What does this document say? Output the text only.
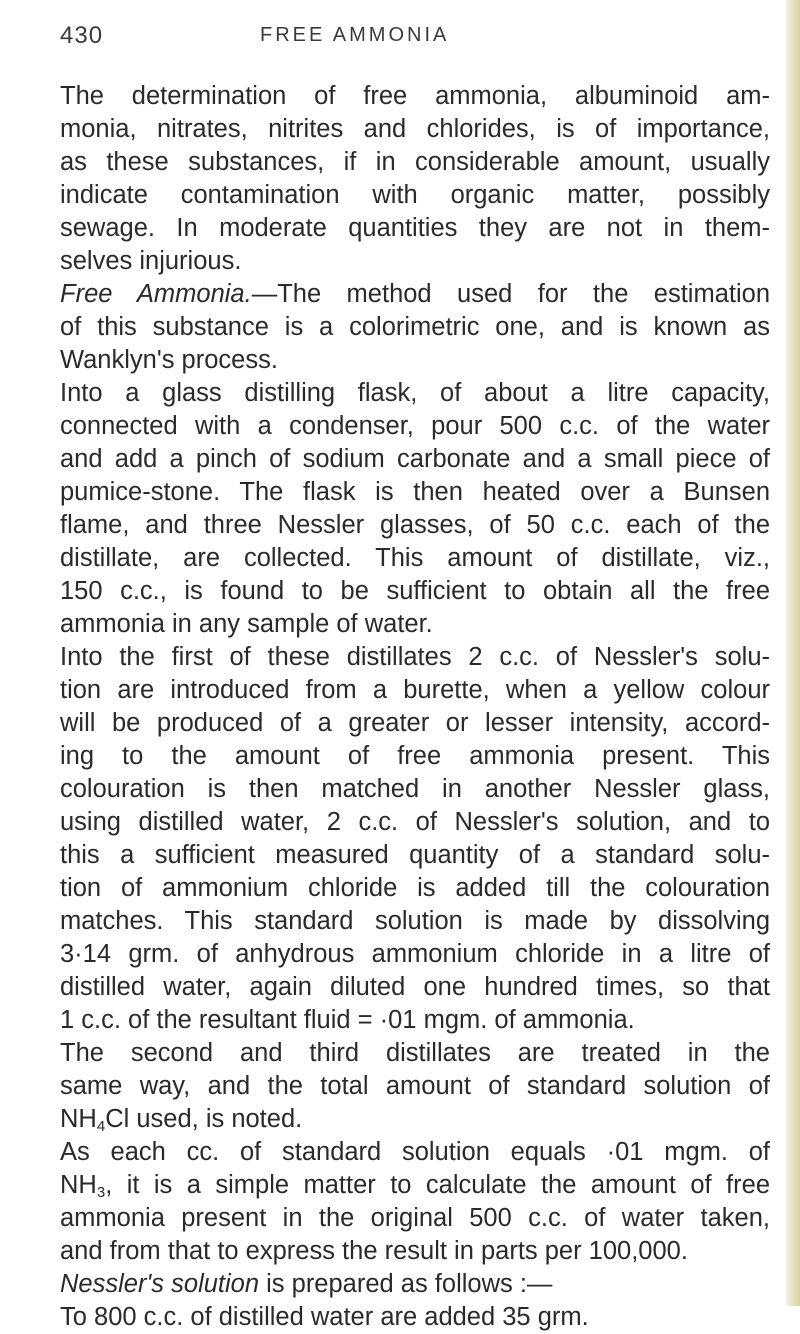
430	FREE AMMONIA
The determination of free ammonia, albuminoid am-
monia, nitrates, nitrites and chlorides, is of importance,
as these substances, if in considerable amount, usually
indicate contamination with organic matter, possibly
sewage. In moderate quantities they are not in them-
selves injurious.
Free Ammonia.—The method used for the estimation
of this substance is a colorimetric one, and is known as
Wanklyn's process.
Into a glass distilling flask, of about a litre capacity,
connected with a condenser, pour 500 c.c. of the water
and add a pinch of sodium carbonate and a small piece of
pumice-stone. The flask is then heated over a Bunsen
flame, and three Nessler glasses, of 50 c.c. each of the
distillate, are collected. This amount of distillate, viz.,
150 c.c., is found to be sufficient to obtain all the free
ammonia in any sample of water.
Into the first of these distillates 2 c.c. of Nessler's solu-
tion are introduced from a burette, when a yellow colour
will be produced of a greater or lesser intensity, accord-
ing to the amount of free ammonia present. This
colouration is then matched in another Nessler glass,
using distilled water, 2 c.c. of Nessler's solution, and to
this a sufficient measured quantity of a standard solu-
tion of ammonium chloride is added till the colouration
matches. This standard solution is made by dissolving
3·14 grm. of anhydrous ammonium chloride in a litre of
distilled water, again diluted one hundred times, so that
1 c.c. of the resultant fluid = ·01 mgm. of ammonia.
The second and third distillates are treated in the
same way, and the total amount of standard solution of
$NH_4Cl$ used, is noted.
As each cc. of standard solution equals ·01 mgm. of
$NH_3$, it is a simple matter to calculate the amount of free
ammonia present in the original 500 c.c. of water taken,
and from that to express the result in parts per 100,000.
Nessler's solution is prepared as follows :—
To 800 c.c. of distilled water are added 35 grm.
